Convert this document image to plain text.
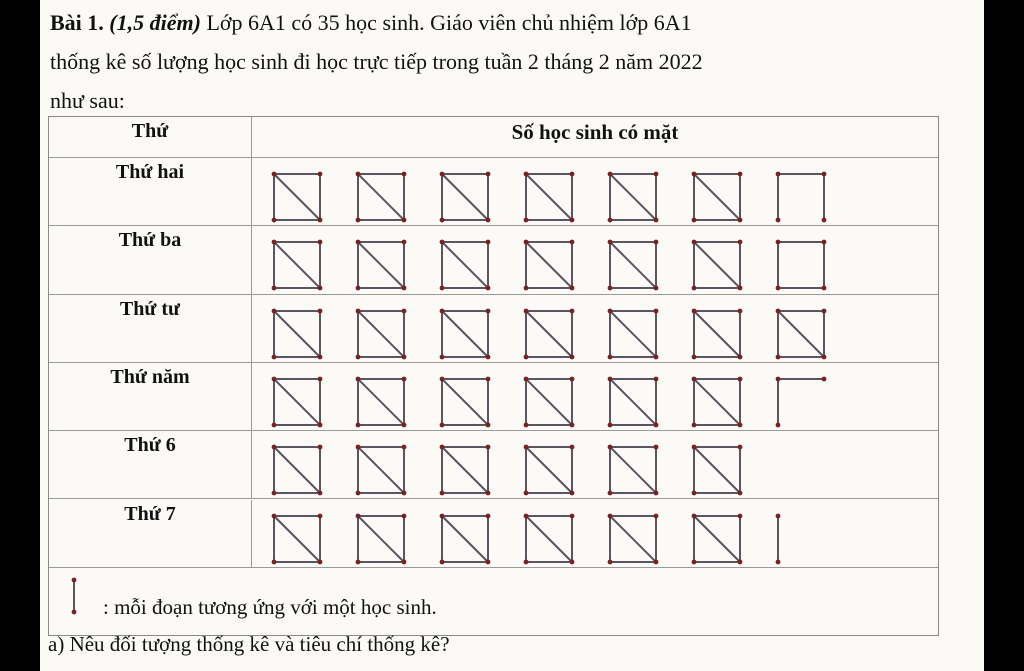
Bài 1. (1,5 điểm) Lớp 6A1 có 35 học sinh. Giáo viên chủ nhiệm lớp 6A1
thống kê số lượng học sinh đi học trực tiếp trong tuần 2 tháng 2 năm 2022
như sau:
Thứ	Số học sinh có mặt
: mỗi đoạn tương ứng với một học sinh.
Thứ hai
Thứ ba
Thứ tư
Thứ năm
Thứ 6
Thứ 7
a) Nêu đối tượng thống kê và tiêu chí thống kê?
